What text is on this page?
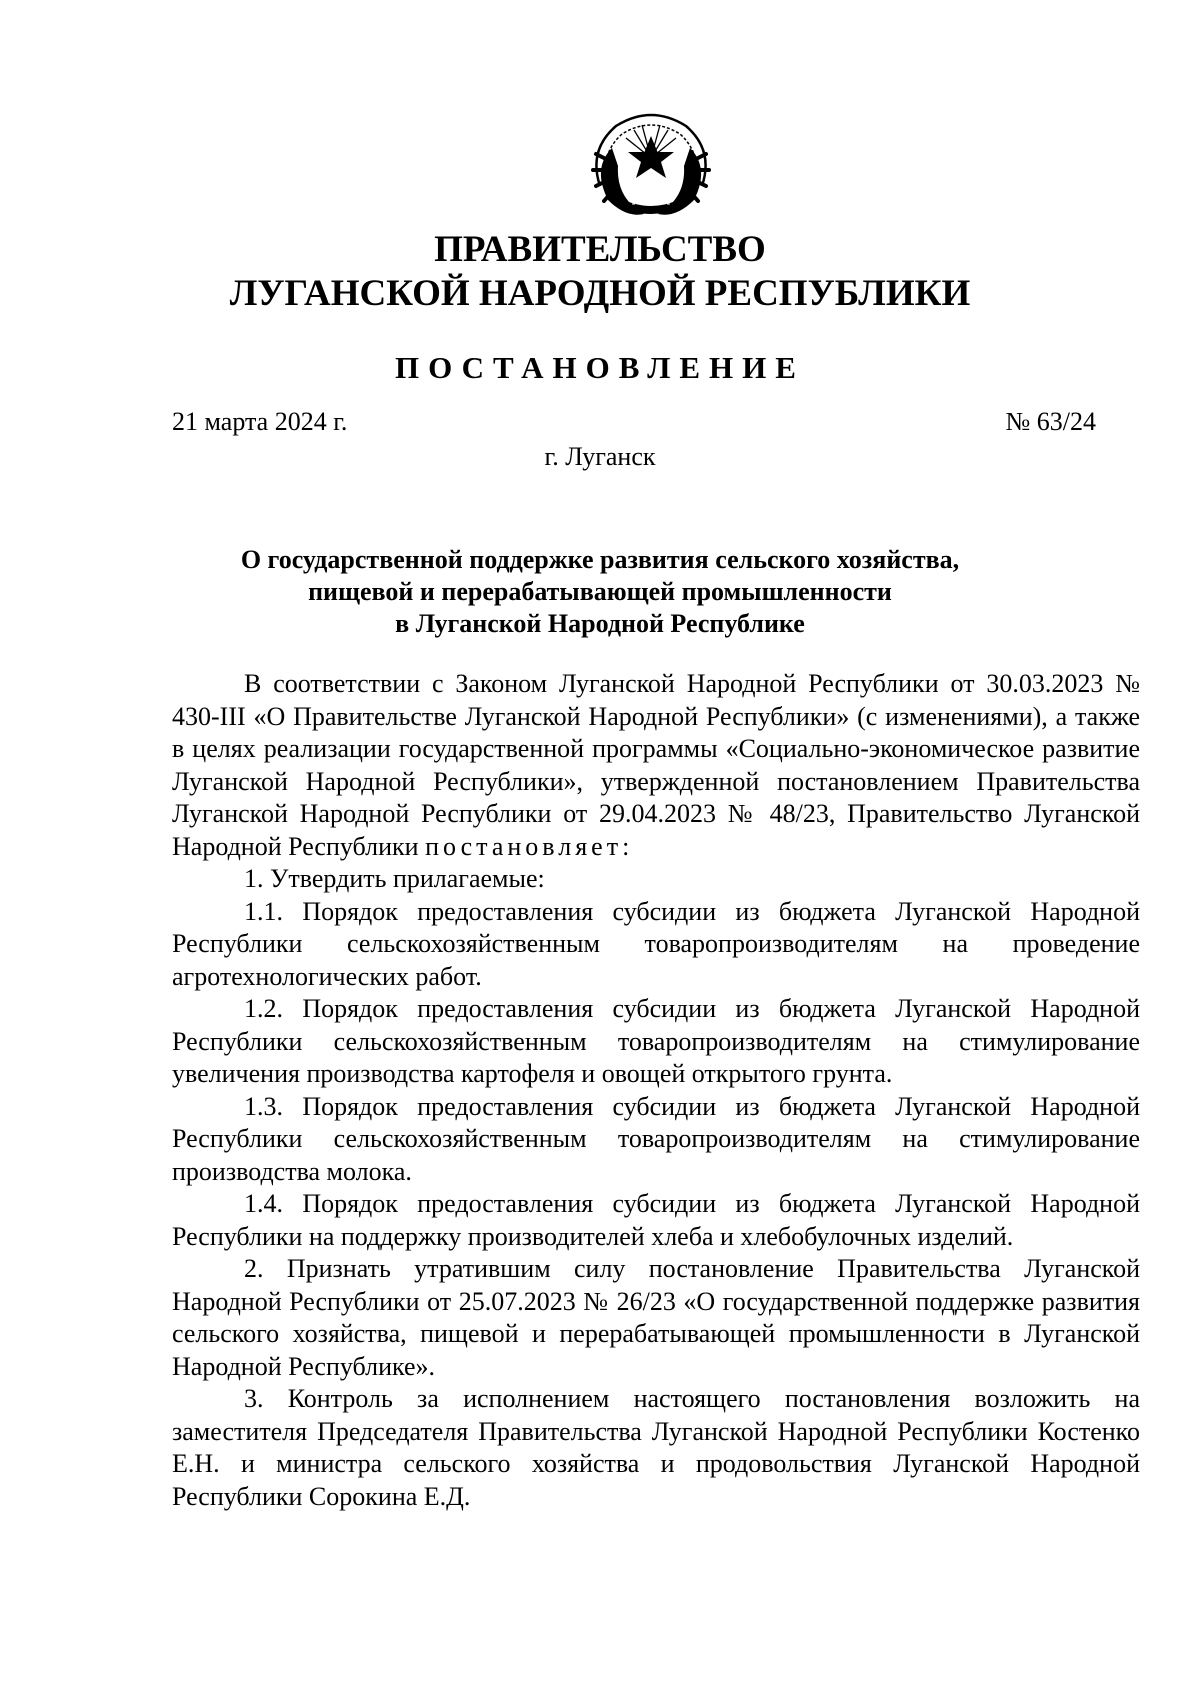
ПРАВИТЕЛЬСТВО
ЛУГАНСКОЙ НАРОДНОЙ РЕСПУБЛИКИ
ПОСТАНОВЛЕНИЕ
21 марта 2024 г.	№ 63/24
г. Луганск
О государственной поддержке развития сельского хозяйства,
пищевой и перерабатывающей промышленности
в Луганской Народной Республике

В соответствии с Законом Луганской Народной Республики от 30.03.2023 № 430-III «О Правительстве Луганской Народной Республики» (с изменениями), а также в целях реализации государственной программы «Социально-экономическое развитие Луганской Народной Республики», утвержденной постановлением Правительства Луганской Народной Республики от 29.04.2023 № 48/23, Правительство Луганской Народной Республики постановляет:

1. Утвердить прилагаемые:

1.1. Порядок предоставления субсидии из бюджета Луганской Народной Республики сельскохозяйственным товаропроизводителям на проведение агротехнологических работ.

1.2. Порядок предоставления субсидии из бюджета Луганской Народной Республики сельскохозяйственным товаропроизводителям на стимулирование увеличения производства картофеля и овощей открытого грунта.

1.3. Порядок предоставления субсидии из бюджета Луганской Народной Республики сельскохозяйственным товаропроизводителям на стимулирование производства молока.

1.4. Порядок предоставления субсидии из бюджета Луганской Народной Республики на поддержку производителей хлеба и хлебобулочных изделий.

2. Признать утратившим силу постановление Правительства Луганской Народной Республики от 25.07.2023 № 26/23 «О государственной поддержке развития сельского хозяйства, пищевой и перерабатывающей промышленности в Луганской Народной Республике».

3. Контроль за исполнением настоящего постановления возложить на заместителя Председателя Правительства Луганской Народной Республики Костенко Е.Н. и министра сельского хозяйства и продовольствия Луганской Народной Республики Сорокина Е.Д.
